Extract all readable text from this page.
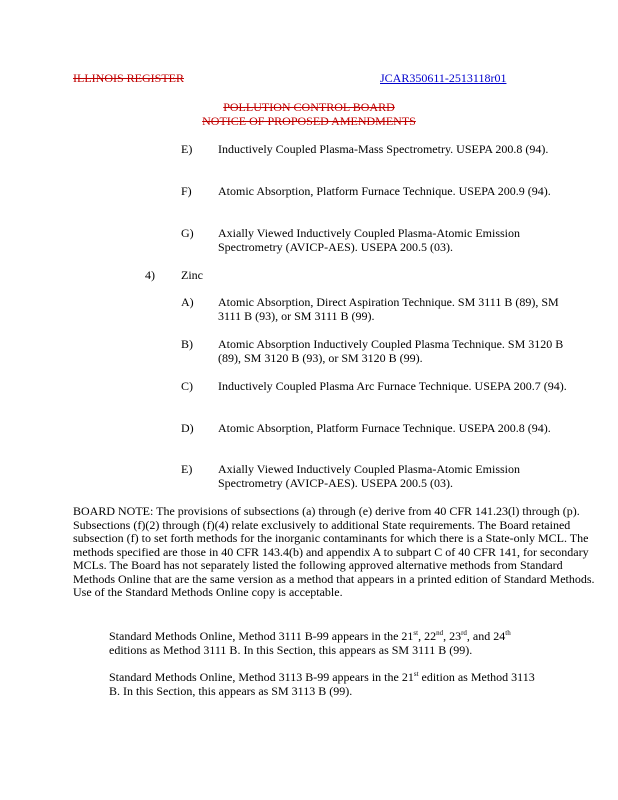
ILLINOIS REGISTER	JCAR350611-2513118r01
POLLUTION CONTROL BOARD
NOTICE OF PROPOSED AMENDMENTS
E) Inductively Coupled Plasma-Mass Spectrometry. USEPA 200.8 (94).
F) Atomic Absorption, Platform Furnace Technique. USEPA 200.9 (94).
G) Axially Viewed Inductively Coupled Plasma-Atomic Emission Spectrometry (AVICP-AES). USEPA 200.5 (03).
4) Zinc
A) Atomic Absorption, Direct Aspiration Technique. SM 3111 B (89), SM 3111 B (93), or SM 3111 B (99).
B) Atomic Absorption Inductively Coupled Plasma Technique. SM 3120 B (89), SM 3120 B (93), or SM 3120 B (99).
C) Inductively Coupled Plasma Arc Furnace Technique. USEPA 200.7 (94).
D) Atomic Absorption, Platform Furnace Technique. USEPA 200.8 (94).
E) Axially Viewed Inductively Coupled Plasma-Atomic Emission Spectrometry (AVICP-AES). USEPA 200.5 (03).
BOARD NOTE: The provisions of subsections (a) through (e) derive from 40 CFR 141.23(l) through (p). Subsections (f)(2) through (f)(4) relate exclusively to additional State requirements. The Board retained subsection (f) to set forth methods for the inorganic contaminants for which there is a State-only MCL. The methods specified are those in 40 CFR 143.4(b) and appendix A to subpart C of 40 CFR 141, for secondary MCLs. The Board has not separately listed the following approved alternative methods from Standard Methods Online that are the same version as a method that appears in a printed edition of Standard Methods. Use of the Standard Methods Online copy is acceptable.
Standard Methods Online, Method 3111 B-99 appears in the 21st, 22nd, 23rd, and 24th
editions as Method 3111 B. In this Section, this appears as SM 3111 B (99).
Standard Methods Online, Method 3113 B-99 appears in the 21st edition as Method 3113
B. In this Section, this appears as SM 3113 B (99).
